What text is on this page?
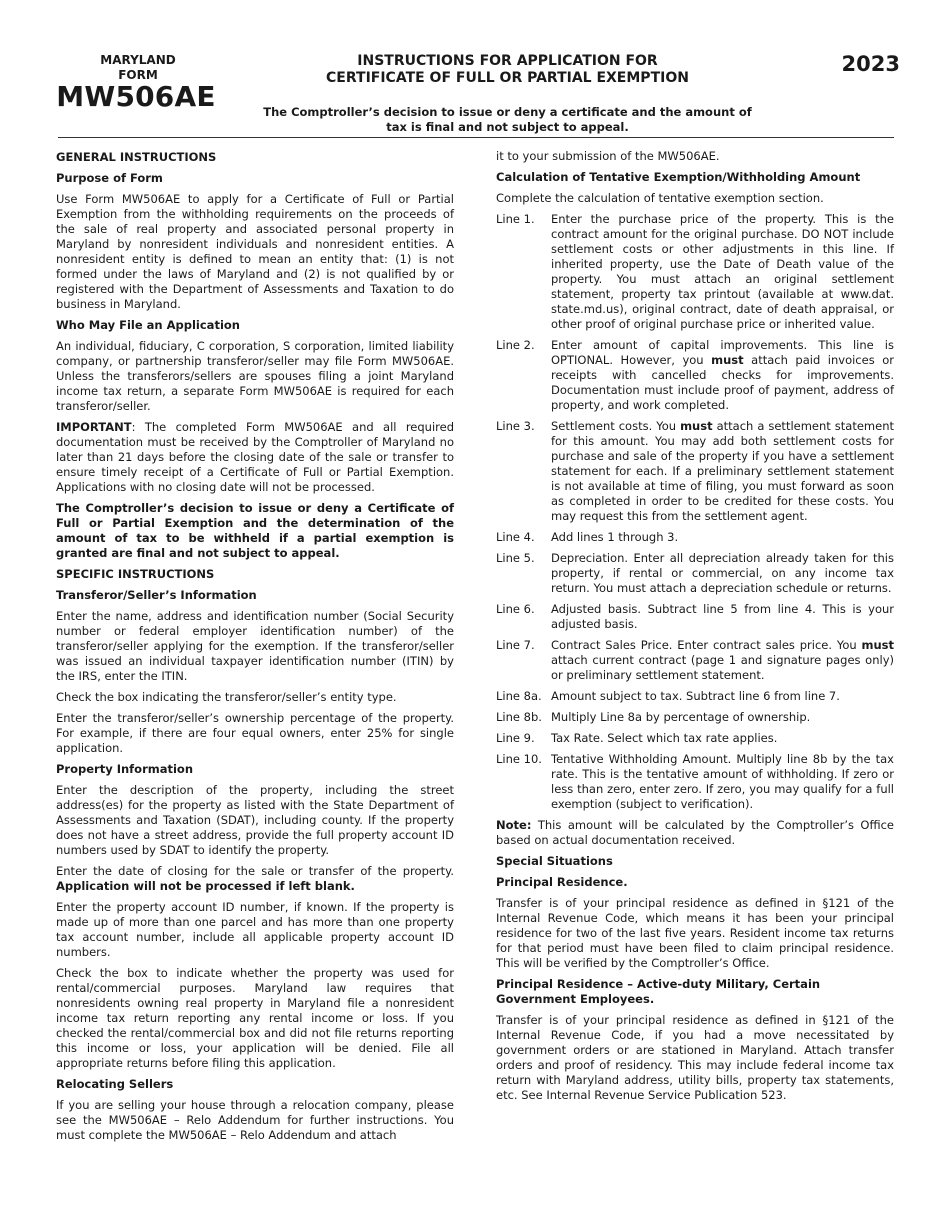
MARYLAND
FORM
MW506AE
INSTRUCTIONS FOR APPLICATION FOR
CERTIFICATE OF FULL OR PARTIAL EXEMPTION
2023
The Comptroller’s decision to issue or deny a certificate and the amount of
tax is final and not subject to appeal.
GENERAL INSTRUCTIONS
Purpose of Form

Use Form MW506AE to apply for a Certificate of Full or Partial Exemption from the withholding requirements on the proceeds of the sale of real property and associated personal property in Maryland by nonresident individuals and nonresident entities. A nonresident entity is defined to mean an entity that: (1) is not formed under the laws of Maryland and (2) is not qualified by or registered with the Department of Assessments and Taxation to do business in Maryland.

Who May File an Application

An individual, fiduciary, C corporation, S corporation, limited liability company, or partnership transferor/seller may file Form MW506AE. Unless the transferors/sellers are spouses filing a joint Maryland income tax return, a separate Form MW506AE is required for each transferor/seller.

IMPORTANT: The completed Form MW506AE and all required documentation must be received by the Comptroller of Maryland no later than 21 days before the closing date of the sale or transfer to ensure timely receipt of a Certificate of Full or Partial Exemption. Applications with no closing date will not be processed.

The Comptroller’s decision to issue or deny a Certificate of Full or Partial Exemption and the determination of the amount of tax to be withheld if a partial exemption is granted are final and not subject to appeal.

SPECIFIC INSTRUCTIONS
Transferor/Seller’s Information

Enter the name, address and identification number (Social Security number or federal employer identification number) of the transferor/seller applying for the exemption. If the transferor/seller was issued an individual taxpayer identification number (ITIN) by the IRS, enter the ITIN.

Check the box indicating the transferor/seller’s entity type.

Enter the transferor/seller’s ownership percentage of the property. For example, if there are four equal owners, enter 25% for single application.

Property Information

Enter the description of the property, including the street address(es) for the property as listed with the State Department of Assessments and Taxation (SDAT), including county. If the property does not have a street address, provide the full property account ID numbers used by SDAT to identify the property.

Enter the date of closing for the sale or transfer of the property. Application will not be processed if left blank.

Enter the property account ID number, if known. If the property is made up of more than one parcel and has more than one property tax account number, include all applicable property account ID numbers.

Check the box to indicate whether the property was used for rental/commercial purposes. Maryland law requires that nonresidents owning real property in Maryland file a nonresident income tax return reporting any rental income or loss. If you checked the rental/commercial box and did not file returns reporting this income or loss, your application will be denied. File all appropriate returns before filing this application.

Relocating Sellers

If you are selling your house through a relocation company, please see the MW506AE – Relo Addendum for further instructions. You must complete the MW506AE – Relo Addendum and attach

it to your submission of the MW506AE.

Calculation of Tentative Exemption/Withholding Amount

Complete the calculation of tentative exemption section.

Line 1.	Enter the purchase price of the property. This is the contract amount for the original purchase. DO NOT include settlement costs or other adjustments in this line. If inherited property, use the Date of Death value of the property. You must attach an original settlement statement, property tax printout (available at www.dat. state.md.us), original contract, date of death appraisal, or other proof of original purchase price or inherited value.
Line 2.	Enter amount of capital improvements. This line is OPTIONAL. However, you must attach paid invoices or receipts with cancelled checks for improvements. Documentation must include proof of payment, address of property, and work completed.
Line 3.	Settlement costs. You must attach a settlement statement for this amount. You may add both settlement costs for purchase and sale of the property if you have a settlement statement for each. If a preliminary settlement statement is not available at time of filing, you must forward as soon as completed in order to be credited for these costs. You may request this from the settlement agent.
Line 4.	Add lines 1 through 3.
Line 5.	Depreciation. Enter all depreciation already taken for this property, if rental or commercial, on any income tax return. You must attach a depreciation schedule or returns.
Line 6.	Adjusted basis. Subtract line 5 from line 4. This is your adjusted basis.
Line 7.	Contract Sales Price. Enter contract sales price. You must attach current contract (page 1 and signature pages only) or preliminary settlement statement.
Line 8a. Amount subject to tax. Subtract line 6 from line 7.
Line 8b. Multiply Line 8a by percentage of ownership.
Line 9.	Tax Rate. Select which tax rate applies.
Line 10. Tentative Withholding Amount. Multiply line 8b by the tax rate. This is the tentative amount of withholding. If zero or less than zero, enter zero. If zero, you may qualify for a full exemption (subject to verification).

Note: This amount will be calculated by the Comptroller’s Office based on actual documentation received.

Special Situations
Principal Residence.

Transfer is of your principal residence as defined in §121 of the Internal Revenue Code, which means it has been your principal residence for two of the last five years. Resident income tax returns for that period must have been filed to claim principal residence. This will be verified by the Comptroller’s Office.

Principal Residence – Active-duty Military, Certain Government Employees.

Transfer is of your principal residence as defined in §121 of the Internal Revenue Code, if you had a move necessitated by government orders or are stationed in Maryland. Attach transfer orders and proof of residency. This may include federal income tax return with Maryland address, utility bills, property tax statements, etc. See Internal Revenue Service Publication 523.
